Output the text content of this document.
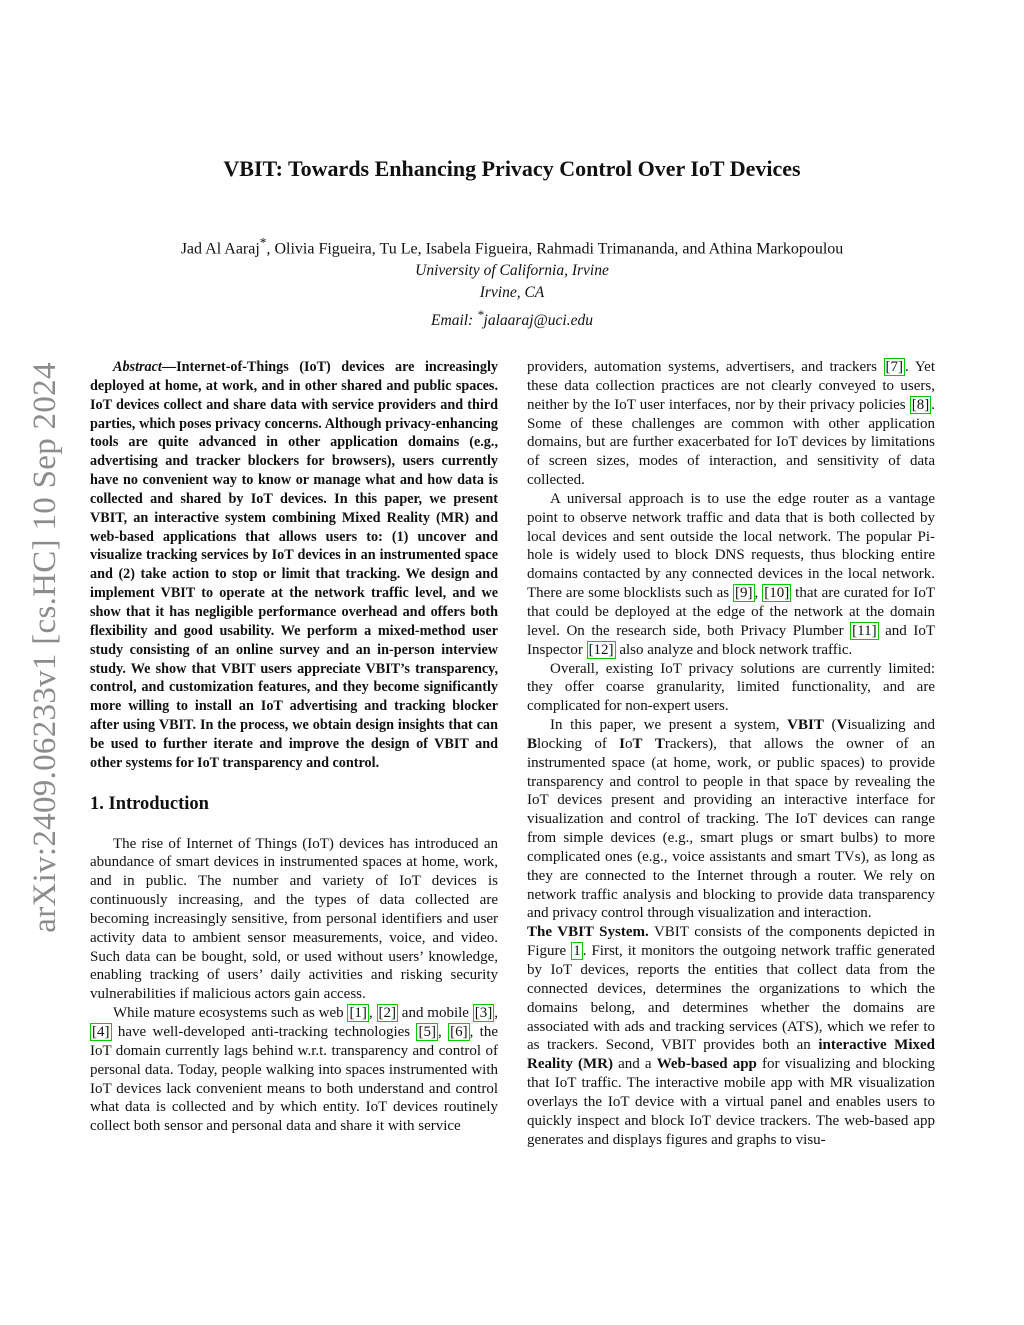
arXiv:2409.06233v1 [cs.HC] 10 Sep 2024
VBIT: Towards Enhancing Privacy Control Over IoT Devices
Jad Al Aaraj*, Olivia Figueira, Tu Le, Isabela Figueira, Rahmadi Trimananda, and Athina Markopoulou
University of California, Irvine
Irvine, CA
Email: *jalaaraj@uci.edu

Abstract—Internet-of-Things (IoT) devices are increasingly deployed at home, at work, and in other shared and public spaces. IoT devices collect and share data with service providers and third parties, which poses privacy concerns. Although privacy-enhancing tools are quite advanced in other application domains (e.g., advertising and tracker blockers for browsers), users currently have no convenient way to know or manage what and how data is collected and shared by IoT devices. In this paper, we present VBIT, an interactive system combining Mixed Reality (MR) and web-based applications that allows users to: (1) uncover and visualize tracking services by IoT devices in an instrumented space and (2) take action to stop or limit that tracking. We design and implement VBIT to operate at the network traffic level, and we show that it has negligible performance overhead and offers both flexibility and good usability. We perform a mixed-method user study consisting of an online survey and an in-person interview study. We show that VBIT users appreciate VBIT’s transparency, control, and customization features, and they become significantly more willing to install an IoT advertising and tracking blocker after using VBIT. In the process, we obtain design insights that can be used to further iterate and improve the design of VBIT and other systems for IoT transparency and control.

1. Introduction

The rise of Internet of Things (IoT) devices has introduced an abundance of smart devices in instrumented spaces at home, work, and in public. The number and variety of IoT devices is continuously increasing, and the types of data collected are becoming increasingly sensitive, from personal identifiers and user activity data to ambient sensor measurements, voice, and video. Such data can be bought, sold, or used without users’ knowledge, enabling tracking of users’ daily activities and risking security vulnerabilities if malicious actors gain access.

While mature ecosystems such as web [1] , [2] and mobile [3] , [4] have well-developed anti-tracking technologies [5] , [6] , the IoT domain currently lags behind w.r.t. transparency and control of personal data. Today, people walking into spaces instrumented with IoT devices lack convenient means to both understand and control what data is collected and by which entity. IoT devices routinely collect both sensor and personal data and share it with service

providers, automation systems, advertisers, and trackers [7] . Yet these data collection practices are not clearly conveyed to users, neither by the IoT user interfaces, nor by their privacy policies [8] . Some of these challenges are common with other application domains, but are further exacerbated for IoT devices by limitations of screen sizes, modes of interaction, and sensitivity of data collected.

A universal approach is to use the edge router as a vantage point to observe network traffic and data that is both collected by local devices and sent outside the local network. The popular Pi-hole is widely used to block DNS requests, thus blocking entire domains contacted by any connected devices in the local network. There are some blocklists such as [9] , [10] that are curated for IoT that could be deployed at the edge of the network at the domain level. On the research side, both Privacy Plumber [11] and IoT Inspector [12] also analyze and block network traffic.

Overall, existing IoT privacy solutions are currently limited: they offer coarse granularity, limited functionality, and are complicated for non-expert users.

In this paper, we present a system, VBIT (Visualizing and Blocking of IoT Trackers), that allows the owner of an instrumented space (at home, work, or public spaces) to provide transparency and control to people in that space by revealing the IoT devices present and providing an interactive interface for visualization and control of tracking. The IoT devices can range from simple devices (e.g., smart plugs or smart bulbs) to more complicated ones (e.g., voice assistants and smart TVs), as long as they are connected to the Internet through a router. We rely on network traffic analysis and blocking to provide data transparency and privacy control through visualization and interaction.

The VBIT System. VBIT consists of the components depicted in Figure 1 . First, it monitors the outgoing network traffic generated by IoT devices, reports the entities that collect data from the connected devices, determines the organizations to which the domains belong, and determines whether the domains are associated with ads and tracking services (ATS), which we refer to as trackers. Second, VBIT provides both an interactive Mixed Reality (MR) and a Web-based app for visualizing and blocking that IoT traffic. The interactive mobile app with MR visualization overlays the IoT device with a virtual panel and enables users to quickly inspect and block IoT device trackers. The web-based app generates and displays figures and graphs to visu-
